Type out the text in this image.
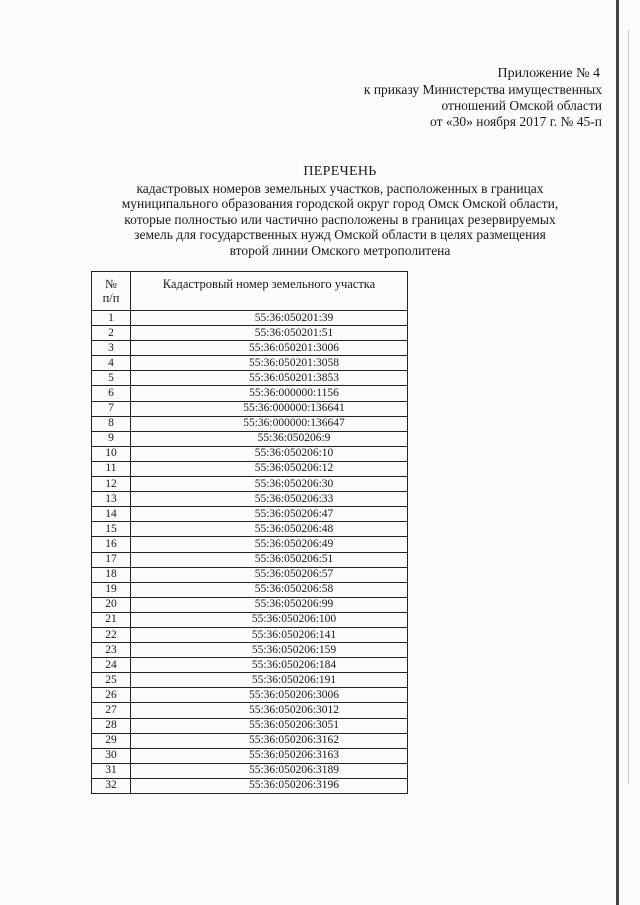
Приложение № 4
к приказу Министерства имущественных
отношений Омской области
от «30» ноября 2017 г. № 45-п
ПЕРЕЧЕНЬ
кадастровых номеров земельных участков, расположенных в границах
муниципального образования городской округ город Омск Омской области,
которые полностью или частично расположены в границах резервируемых
земель для государственных нужд Омской области в целях размещения
второй линии Омского метрополитена
№
п/п	Кадастровый номер земельного участка
1	55:36:050201:39
2	55:36:050201:51
3	55:36:050201:3006
4	55:36:050201:3058
5	55:36:050201:3853
6	55:36:000000:1156
7	55:36:000000:136641
8	55:36:000000:136647
9	55:36:050206:9
10	55:36:050206:10
11	55:36:050206:12
12	55:36:050206:30
13	55:36:050206:33
14	55:36:050206:47
15	55:36:050206:48
16	55:36:050206:49
17	55:36:050206:51
18	55:36:050206:57
19	55:36:050206:58
20	55:36:050206:99
21	55:36:050206:100
22	55:36:050206:141
23	55:36:050206:159
24	55:36:050206:184
25	55:36:050206:191
26	55:36:050206:3006
27	55:36:050206:3012
28	55:36:050206:3051
29	55:36:050206:3162
30	55:36:050206:3163
31	55:36:050206:3189
32	55:36:050206:3196
